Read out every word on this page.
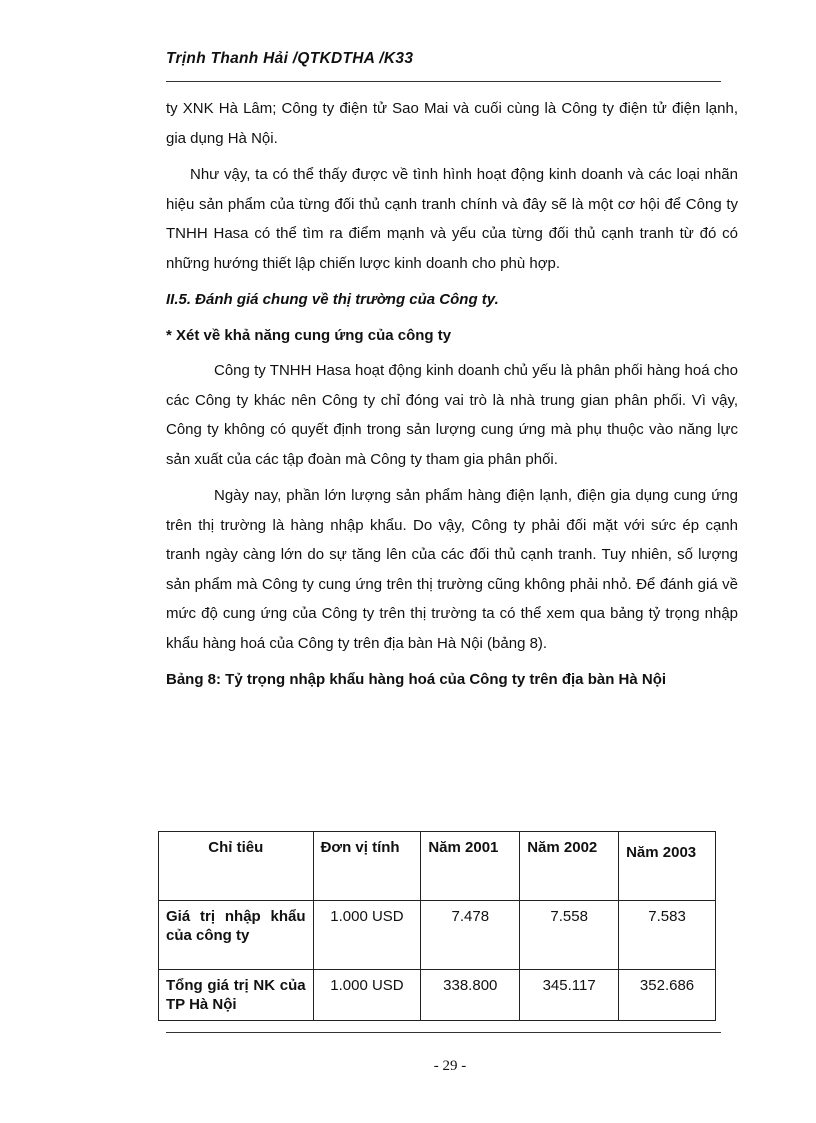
Trịnh Thanh Hải /QTKDTHA /K33

ty XNK Hà Lâm; Công ty điện tử Sao Mai và cuối cùng là Công ty điện tử điện lạnh, gia dụng Hà Nội.

Như vậy, ta có thể thấy được về tình hình hoạt động kinh doanh và các loại nhãn hiệu sản phẩm của từng đối thủ cạnh tranh chính và đây sẽ là một cơ hội để Công ty TNHH Hasa có thể tìm ra điểm mạnh và yếu của từng đối thủ cạnh tranh từ đó có những hướng thiết lập chiến lược kinh doanh cho phù hợp.

II.5. Đánh giá chung về thị trường của Công ty.
* Xét về khả năng cung ứng của công ty

Công ty TNHH Hasa hoạt động kinh doanh chủ yếu là phân phối hàng hoá cho các Công ty khác nên Công ty chỉ đóng vai trò là nhà trung gian phân phối. Vì vậy, Công ty không có quyết định trong sản lượng cung ứng mà phụ thuộc vào năng lực sản xuất của các tập đoàn mà Công ty tham gia phân phối.

Ngày nay, phần lớn lượng sản phẩm hàng điện lạnh, điện gia dụng cung ứng trên thị trường là hàng nhập khẩu. Do vậy, Công ty phải đối mặt với sức ép cạnh tranh ngày càng lớn do sự tăng lên của các đối thủ cạnh tranh. Tuy nhiên, số lượng sản phẩm mà Công ty cung ứng trên thị trường cũng không phải nhỏ. Để đánh giá về mức độ cung ứng của Công ty trên thị trường ta có thể xem qua bảng tỷ trọng nhập khẩu hàng hoá của Công ty trên địa bàn Hà Nội (bảng 8).

Bảng 8: Tỷ trọng nhập khẩu hàng hoá của Công ty trên địa bàn Hà Nội
Chỉ tiêu	Đơn vị tính	Năm 2001	Năm 2002	Năm 2003
Giá trị nhập khẩu của công ty	1.000 USD	7.478	7.558	7.583
Tổng giá trị NK của TP Hà Nội	1.000 USD	338.800	345.117	352.686
- 29 -
